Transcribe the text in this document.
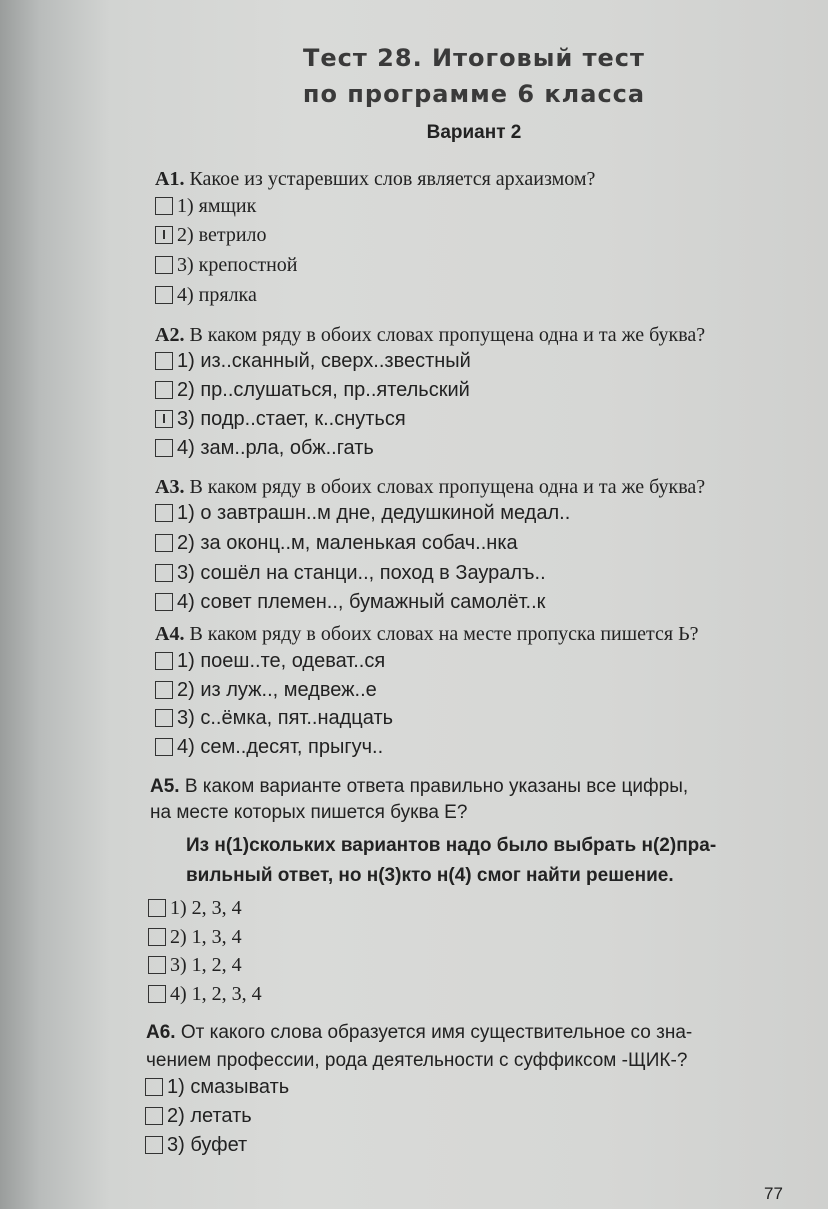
Тест 28. Итоговый тест
по программе 6 класса
Вариант 2
А1. Какое из устаревших слов является архаизмом?
1) ямщик
2) ветрило
3) крепостной
4) прялка
А2. В каком ряду в обоих словах пропущена одна и та же буква?
1) из..сканный, сверх..звестный
2) пр..слушаться, пр..ятельский
3) подр..стает, к..снуться
4) зам..рла, обж..гать
А3. В каком ряду в обоих словах пропущена одна и та же буква?
1) о завтрашн..м дне, дедушкиной медал..
2) за оконц..м, маленькая собач..нка
3) сошёл на станци.., поход в Зауралъ..
4) совет племен.., бумажный самолёт..к
А4. В каком ряду в обоих словах на месте пропуска пишется Ь?
1) поеш..те, одеват..ся
2) из луж.., медвеж..е
3) с..ёмка, пят..надцать
4) сем..десят, прыгуч..
А5. В каком варианте ответа правильно указаны все цифры,
на месте которых пишется буква Е?
Из н(1)скольких вариантов надо было выбрать н(2)пра-
вильный ответ, но н(3)кто н(4) смог найти решение.
1) 2, 3, 4
2) 1, 3, 4
3) 1, 2, 4
4) 1, 2, 3, 4
А6. От какого слова образуется имя существительное со зна-
чением профессии, рода деятельности с суффиксом -ЩИК-?
1) смазывать
2) летать
3) буфет
77
